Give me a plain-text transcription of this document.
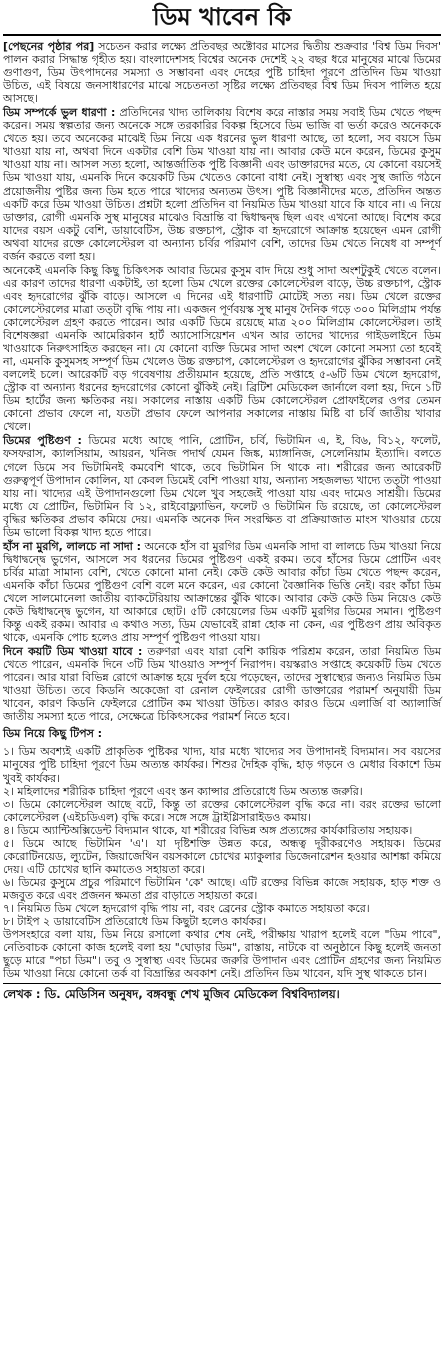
ডিম খাবেন কি

[পেছনের পৃষ্ঠার পর] সচেতন করার লক্ষ্যে প্রতিবছর অক্টোবর মাসের দ্বিতীয় শুক্রবার 'বিশ্ব ডিম দিবস' পালন করার সিদ্ধান্ত গৃহীত হয়। বাংলাদেশসহ বিশ্বের অনেক দেশেই ২২ বছর ধরে মানুষের মাঝে ডিমের গুণাগুণ, ডিম উৎপাদনের সমস্যা ও সম্ভাবনা এবং দেহের পুষ্টি চাহিদা পূরণে প্রতিদিন ডিম খাওয়া উচিত, এই বিষয়ে জনসাধারণের মাঝে সচেতনতা সৃষ্টির লক্ষ্যে প্রতিবছর বিশ্ব ডিম দিবস পালিত হয়ে আসছে।

ডিম সম্পর্কে ভুল ধারণা : প্রতিদিনের খাদ্য তালিকায় বিশেষ করে নাস্তার সময় সবাই ডিম খেতে পছন্দ করেন। সময় স্বল্পতার জন্য অনেকে সঙ্গে তরকারির বিকল্প হিসেবে ডিম ভাজি বা ভর্তা করেও অনেককে খেতে হয়। তবে অনেকের মাঝেই ডিম নিয়ে এক ধরনের ভুল ধারণা আছে, তা হলো, সব বয়সে ডিম খাওয়া যায় না, অথবা দিনে একটার বেশি ডিম খাওয়া যায় না। আবার কেউ মনে করেন, ডিমের কুসুম খাওয়া যায় না। আসল সত্য হলো, আন্তর্জাতিক পুষ্টি বিজ্ঞানী এবং ডাক্তারদের মতে, যে কোনো বয়সেই ডিম খাওয়া যায়, এমনকি দিনে কয়েকটি ডিম খেতেও কোনো বাধা নেই। সুস্বাস্থ্য এবং সুস্থ জাতি গঠনে প্রয়োজনীয় পুষ্টির জন্য ডিম হতে পারে খাদ্যের অন্যতম উৎস। পুষ্টি বিজ্ঞানীদের মতে, প্রতিদিন অন্তত একটি করে ডিম খাওয়া উচিত। প্রশ্নটা হলো প্রতিদিন বা নিয়মিত ডিম খাওয়া যাবে কি যাবে না। এ নিয়ে ডাক্তার, রোগী এমনকি সুস্থ মানুষের মাঝেও বিভ্রান্তি বা দ্বিধাদ্বন্দ্ব ছিল এবং এখনো আছে। বিশেষ করে যাদের বয়স একটু বেশি, ডায়াবেটিস, উচ্চ রক্তচাপ, স্ট্রোক বা হৃদরোগে আক্রান্ত হয়েছেন এমন রোগী অথবা যাদের রক্তে কোলেস্টেরল বা অন্যান্য চর্বির পরিমাণ বেশি, তাদের ডিম খেতে নিষেধ বা সম্পূর্ণ বর্জন করতে বলা হয়।

অনেকেই এমনকি কিছু কিছু চিকিৎসক আবার ডিমের কুসুম বাদ দিয়ে শুধু সাদা অংশটুকুই খেতে বলেন। এর কারণ তাদের ধারণা একটাই, তা হলো ডিম খেলে রক্তের কোলেস্টেরল বাড়ে, উচ্চ রক্তচাপ, স্ট্রোক এবং হৃদরোগের ঝুঁকি বাড়ে। আসলে এ দিনের এই ধারণাটি মোটেই সত্য নয়। ডিম খেলে রক্তের কোলেস্টেরলের মাত্রা তত্টা বৃদ্ধি পায় না। একজন পূর্ণবয়স্ক সুস্থ মানুষ দৈনিক গড়ে ৩০০ মিলিগ্রাম পর্যন্ত কোলেস্টেরল গ্রহণ করতে পারেন। আর একটি ডিমে রয়েছে মাত্র ২০০ মিলিগ্রাম কোলেস্টেরল। তাই বিশেষজ্ঞরা এমনকি আমেরিকান হার্ট অ্যাসোসিয়েশন এখন আর তাদের খাদ্যের গাইডলাইনে ডিম খাওয়াকে নিরুৎসাহিত করছেন না। যে কোনো ব্যক্তি ডিমের সাদা অংশ খেলে কোনো সমস্যা তো হবেই না, এমনকি কুসুমসহ সম্পূর্ণ ডিম খেলেও উচ্চ রক্তচাপ, কোলেস্টেরল ও হৃদরোগের ঝুঁকির সম্ভাবনা নেই বললেই চলে। আরেকটি বড় গবেষণায় প্রতীয়মান হয়েছে, প্রতি সপ্তাহে ৫-৬টি ডিম খেলে হৃদরোগ, স্ট্রোক বা অন্যান্য ধরনের হৃদরোগের কোনো ঝুঁকিই নেই। ব্রিটিশ মেডিকেল জার্নালে বলা হয়, দিনে ১টি ডিম হার্টের জন্য ক্ষতিকর নয়। সকালের নাস্তায় একটি ডিম কোলেস্টেরল প্রোফাইলের ওপর তেমন কোনো প্রভাব ফেলে না, যতটা প্রভাব ফেলে আপনার সকালের নাস্তায় মিষ্টি বা চর্বি জাতীয় খাবার খেলে।

ডিমের পুষ্টিগুণ : ডিমের মধ্যে আছে পানি, প্রোটিন, চর্বি, ভিটামিন এ, ই, বি৬, বি১২, ফলেট, ফসফরাস, ক্যালসিয়াম, আয়রন, খনিজ পদার্থ যেমন জিঙ্ক, ম্যাঙ্গানিজ, সেলেনিয়াম ইত্যাদি। বলতে গেলে ডিমে সব ভিটামিনই কমবেশি থাকে, তবে ভিটামিন সি থাকে না। শরীরের জন্য আরেকটি গুরুত্বপূর্ণ উপাদান কোলিন, যা কেবল ডিমেই বেশি পাওয়া যায়, অন্যান্য সহজলভ্য খাদ্যে তত্টা পাওয়া যায় না। খাদ্যের এই উপাদানগুলো ডিম খেলে খুব সহজেই পাওয়া যায় এবং দামেও সাশ্রয়ী। ডিমের মধ্যে যে প্রোটিন, ভিটামিন বি ১২, রাইবোফ্ল্যাভিন, ফলেট ও ভিটামিন ডি রয়েছে, তা কোলেস্টেরল বৃদ্ধির ক্ষতিকর প্রভাব কমিয়ে দেয়। এমনকি অনেক দিন সংরক্ষিত বা প্রক্রিয়াজাত মাংস খাওয়ার চেয়ে ডিম ভালো বিকল্প খাদ্য হতে পারে।

হাঁস না মুরগি, লালচে না সাদা : অনেকে হাঁস বা মুরগির ডিম এমনকি সাদা বা লালচে ডিম খাওয়া নিয়ে দ্বিধাদ্বন্দ্বে ভুগেন, আসলে সব ধরনের ডিমের পুষ্টিগুণ একই রকম। তবে হাঁসের ডিমে প্রোটিন এবং চর্বির মাত্রা সামান্য বেশি, খেতে কোনো মানা নেই। কেউ কেউ আবার কাঁচা ডিম খেতে পছন্দ করেন, এমনকি কাঁচা ডিমের পুষ্টিগুণ বেশি বলে মনে করেন, এর কোনো বৈজ্ঞানিক ভিত্তি নেই। বরং কাঁচা ডিম খেলে সালমোনেলা জাতীয় ব্যাকটেরিয়ায় আক্রান্তের ঝুঁকি থাকে। আবার কেউ কেউ ডিম নিয়েও কেউ কেউ দ্বিধাদ্বন্দ্বে ভুগেন, যা আকারে ছোট। ৫টি কোয়েলের ডিম একটি মুরগির ডিমের সমান। পুষ্টিগুণ কিন্তু একই রকম। আবার এ কথাও সত্য, ডিম যেভাবেই রান্না হোক না কেন, এর পুষ্টিগুণ প্রায় অবিকৃত থাকে, এমনকি পোচ হলেও প্রায় সম্পূর্ণ পুষ্টিগুণ পাওয়া যায়।

দিনে কয়টি ডিম খাওয়া যাবে : তরুণরা এবং যারা বেশি কায়িক পরিশ্রম করেন, তারা নিয়মিত ডিম খেতে পারেন, এমনকি দিনে ৩টি ডিম খাওয়াও সম্পূর্ণ নিরাপদ। বয়স্করাও সপ্তাহে কয়েকটি ডিম খেতে পারেন। আর যারা বিভিন্ন রোগে আক্রান্ত হয়ে দুর্বল হয়ে পড়েছেন, তাদের সুস্বাস্থ্যের জন্যও নিয়মিত ডিম খাওয়া উচিত। তবে কিডনি অকেজো বা রেনাল ফেইলরের রোগী ডাক্তারের পরামর্শ অনুযায়ী ডিম খাবেন, কারণ কিডনি ফেইলরে প্রোটিন কম খাওয়া উচিত। কারও কারও ডিমে এলার্জি বা অ্যালার্জি জাতীয় সমস্যা হতে পারে, সেক্ষেত্রে চিকিৎসকের পরামর্শ নিতে হবে।

ডিম নিয়ে কিছু টিপস :
১। ডিম অবশ্যই একটি প্রাকৃতিক পুষ্টিকর খাদ্য, যার মধ্যে খাদ্যের সব উপাদানই বিদ্যমান। সব বয়সের মানুষের পুষ্টি চাহিদা পূরণে ডিম অত্যন্ত কার্যকর। শিশুর দৈহিক বৃদ্ধি, হাড় গড়নে ও মেধার বিকাশে ডিম খুবই কার্যকর।
২। মহিলাদের শরীরিক চাহিদা পূরণে এবং স্তন ক্যান্সার প্রতিরোধে ডিম অত্যন্ত জরুরি।
৩। ডিমে কোলেস্টেরল আছে বটে, কিন্তু তা রক্তের কোলেস্টেরল বৃদ্ধি করে না। বরং রক্তের ভালো কোলেস্টেরল (এইচডিএল) বৃদ্ধি করে। সঙ্গে সঙ্গে ট্রাইগ্লিসারাইডও কমায়।
৪। ডিমে অ্যান্টিঅক্সিডেন্ট বিদ্যমান থাকে, যা শরীরের বিভিন্ন অঙ্গ প্রত্যঙ্গের কার্যকারিতায় সহায়ক।
৫। ডিমে আছে ভিটামিন 'এ'। যা দৃষ্টিশক্তি উন্নত করে, অন্ধত্ব দূরীকরণেও সহায়ক। ডিমের কেরোটিনয়েড, ল্যুটেন, জিয়াজেথিন বয়সকালে চোখের ম্যাকুলার ডিজেনারেশন হওয়ার আশঙ্কা কমিয়ে দেয়। এটি চোখের ছানি কমাতেও সহায়তা করে।
৬। ডিমের কুসুমে প্রচুর পরিমাণে ভিটামিন 'কে' আছে। এটি রক্তের বিভিন্ন কাজে সহায়ক, হাড় শক্ত ও মজবুত করে এবং প্রজনন ক্ষমতা প্রর বাড়াতে সহায়তা করে।
৭। নিয়মিত ডিম খেলে হৃদরোগ বৃদ্ধি পায় না, বরং ব্রেনের স্ট্রোক কমাতে সহায়তা করে।
৮। টাইপ ২ ডায়াবেটিস প্রতিরোধে ডিম কিছুটা হলেও কার্যকর।

উপসংহারে বলা যায়, ডিম নিয়ে রসালো কথার শেষ নেই, পরীক্ষায় খারাপ হলেই বলে "ডিম পাবে", নেতিবাচক কোনো কাজ হলেই বলা হয় "ঘোড়ার ডিম", রাস্তায়, নাটকে বা অনুষ্ঠানে কিছু হলেই জনতা ছুড়ে মারে "পচা ডিম"। তবু ও সুস্বাস্থ্য এবং ডিমের জরুরি উপাদান এবং প্রোটিন গ্রহণের জন্য নিয়মিত ডিম খাওয়া নিয়ে কোনো তর্ক বা বিভ্রান্তির অবকাশ নেই। প্রতিদিন ডিম খাবেন, যদি সুস্থ থাকতে চান।

লেখক : ডি. মেডিসিন অনুষদ, বঙ্গবন্ধু শেখ মুজিব মেডিকেল বিশ্ববিদ্যালয়।
